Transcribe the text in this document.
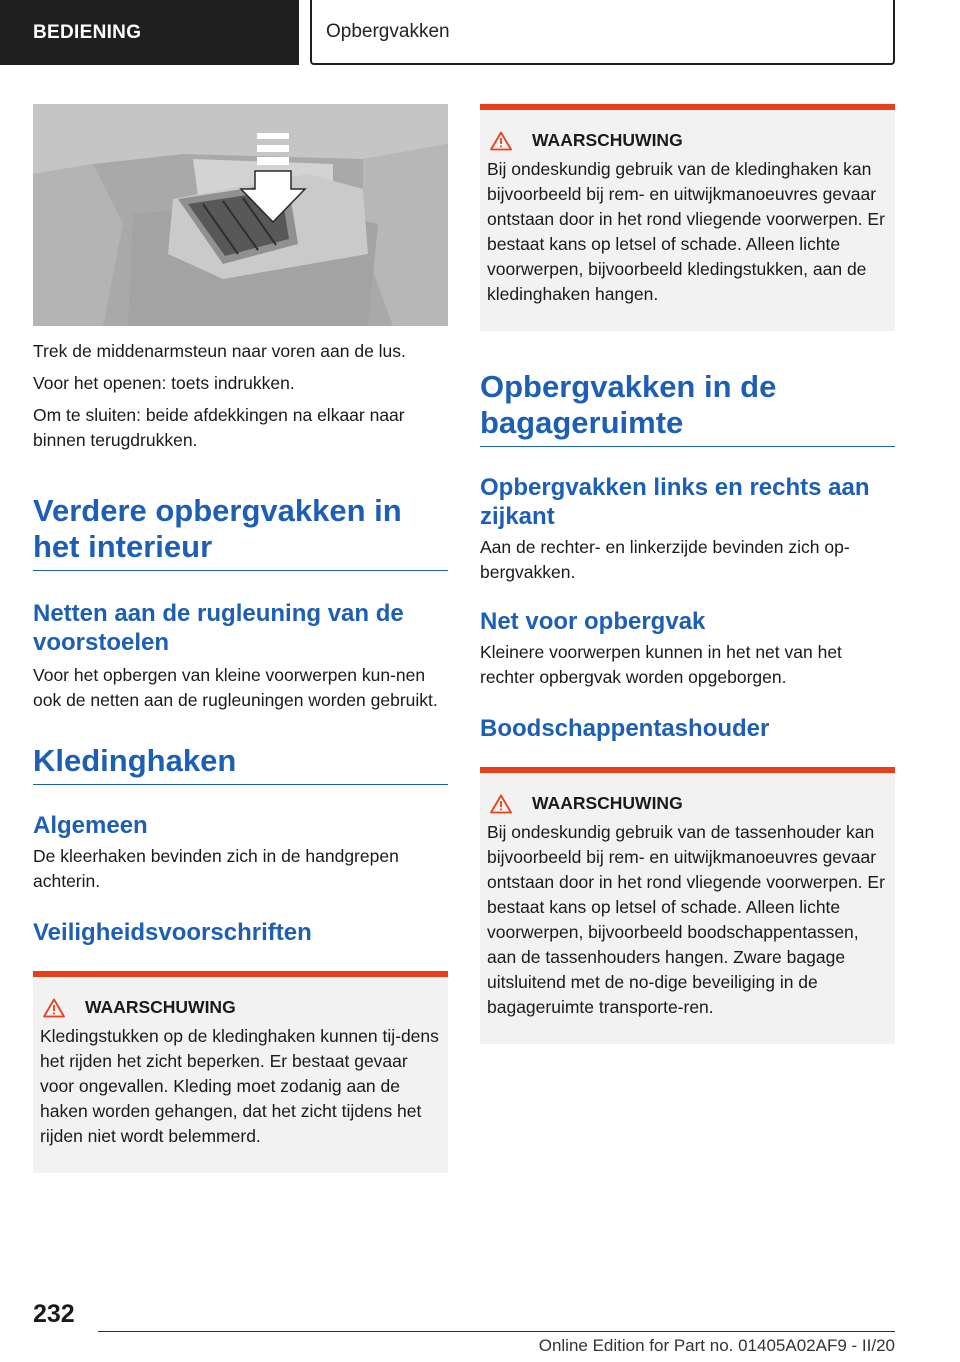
BEDIENING	Opbergvakken

Trek de middenarmsteun naar voren aan de lus.

Voor het openen: toets indrukken.

Om te sluiten: beide afdekkingen na elkaar naar binnen terugdrukken.

Verdere opbergvakken in het interieur
Netten aan de rugleuning van de voorstoelen

Voor het opbergen van kleine voorwerpen kun-nen ook de netten aan de rugleuningen worden gebruikt.

Kledinghaken
Algemeen

De kleerhaken bevinden zich in de handgrepen achterin.

Veiligheidsvoorschriften
WAARSCHUWING

Kledingstukken op de kledinghaken kunnen tij-dens het rijden het zicht beperken. Er bestaat gevaar voor ongevallen. Kleding moet zodanig aan de haken worden gehangen, dat het zicht tijdens het rijden niet wordt belemmerd.

WAARSCHUWING

Bij ondeskundig gebruik van de kledinghaken kan bijvoorbeeld bij rem- en uitwijkmanoeuvres gevaar ontstaan door in het rond vliegende voorwerpen. Er bestaat kans op letsel of schade. Alleen lichte voorwerpen, bijvoorbeeld kledingstukken, aan de kledinghaken hangen.

Opbergvakken in de bagageruimte
Opbergvakken links en rechts aan zijkant

Aan de rechter- en linkerzijde bevinden zich op-bergvakken.

Net voor opbergvak

Kleinere voorwerpen kunnen in het net van het rechter opbergvak worden opgeborgen.

Boodschappentashouder
WAARSCHUWING

Bij ondeskundig gebruik van de tassenhouder kan bijvoorbeeld bij rem- en uitwijkmanoeuvres gevaar ontstaan door in het rond vliegende voorwerpen. Er bestaat kans op letsel of schade. Alleen lichte voorwerpen, bijvoorbeeld boodschappentassen, aan de tassenhouders hangen. Zware bagage uitsluitend met de no-dige beveiliging in de bagageruimte transporte-ren.

232
Online Edition for Part no. 01405A02AF9 - II/20
